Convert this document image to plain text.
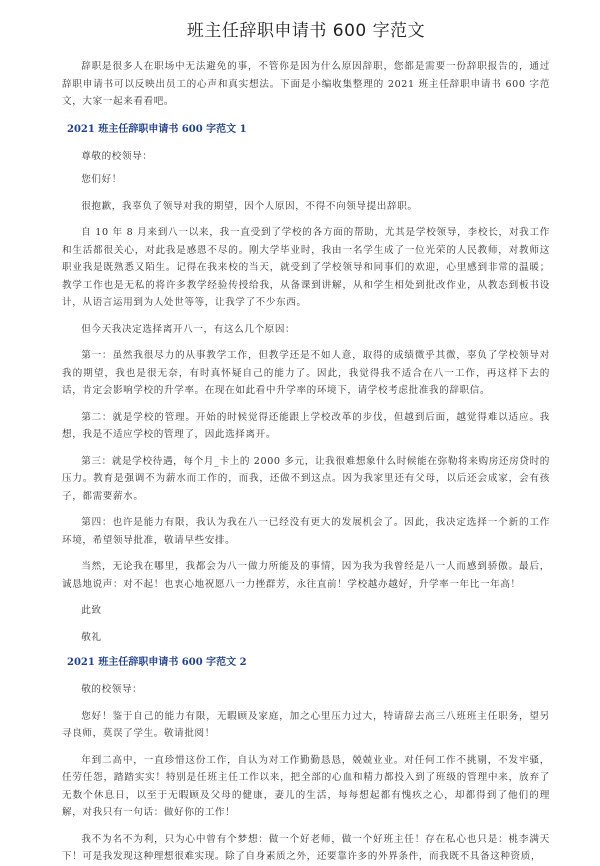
班主任辞职申请书 600 字范文

辞职是很多人在职场中无法避免的事，不管你是因为什么原因辞职，您都是需要一份辞职报告的，通过辞职申请书可以反映出员工的心声和真实想法。下面是小编收集整理的 2021 班主任辞职申请书 600 字范文，大家一起来看看吧。

2021 班主任辞职申请书 600 字范文 1

尊敬的校领导：

您们好！

很抱歉，我辜负了领导对我的期望，因个人原因，不得不向领导提出辞职。

自 10 年 8 月来到八一以来，我一直受到了学校的各方面的帮助，尤其是学校领导，李校长，对我工作和生活都很关心，对此我是感恩不尽的。刚大学毕业时，我由一名学生成了一位光荣的人民教师，对教师这职业我是既熟悉又陌生。记得在我来校的当天，就受到了学校领导和同事们的欢迎，心里感到非常的温暖；教学工作也是无私的将许多教学经验传授给我，从备课到讲解，从和学生相处到批改作业，从教态到板书设计，从语言运用到为人处世等等，让我学了不少东西。

但今天我决定选择离开八一，有这么几个原因：

第一：虽然我很尽力的从事教学工作，但教学还是不如人意，取得的成绩微乎其微，辜负了学校领导对我的期望，我也是很无奈，有时真怀疑自己的能力了。因此，我觉得我不适合在八一工作，再这样下去的话，肯定会影响学校的升学率。在现在如此看中升学率的环境下，请学校考虑批准我的辞职信。

第二：就是学校的管理。开始的时候觉得还能跟上学校改革的步伐，但越到后面，越觉得难以适应。我想，我是不适应学校的管理了，因此选择离开。

第三：就是学校待遇，每个月_卡上的 2000 多元，让我很难想象什么时候能在弥勒将来购房还房贷时的压力。教育是强调不为薪水而工作的，而我，还做不到这点。因为我家里还有父母，以后还会成家，会有孩子，都需要薪水。

第四：也许是能力有限，我认为我在八一已经没有更大的发展机会了。因此，我决定选择一个新的工作环境，希望领导批准，敬请早些安排。

当然，无论我在哪里，我都会为八一做力所能及的事情，因为我为我曾经是八一人而感到骄傲。最后，诚恳地说声：对不起！也衷心地祝愿八一力挫群芳，永往直前！学校越办越好，升学率一年比一年高！

此致

敬礼

2021 班主任辞职申请书 600 字范文 2

敬的校领导：

您好！鉴于自己的能力有限，无暇顾及家庭，加之心里压力过大，特请辞去高三八班班主任职务，望另寻良师，莫误了学生。敬请批阅！

年到二高中，一直珍惜这份工作，自认为对工作勤勤恳恳，兢兢业业。对任何工作不挑剔，不发牢骚，任劳任怨，踏踏实实！特别是任班主任工作以来，把全部的心血和精力都投入到了班级的管理中来，放弃了无数个休息日，以至于无暇顾及父母的健康，妻儿的生活，每每想起都有愧疚之心，却都得到了他们的理解，对我只有一句话：做好你的工作！

我不为名不为利，只为心中曾有个梦想：做一个好老师，做一个好班主任！存在私心也只是：桃李满天下！可是我发现这种理想很难实现。除了自身素质之外，还要靠许多的外界条件，而我既不具备这种资质，
